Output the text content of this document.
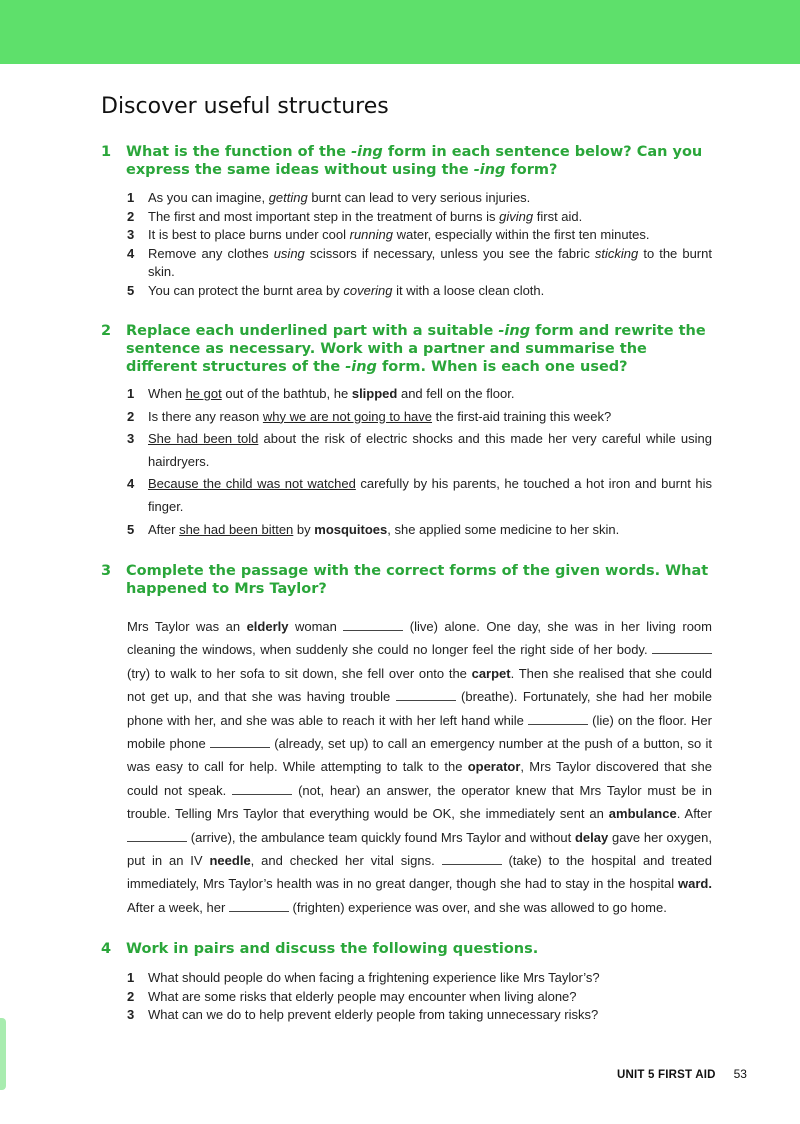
Discover useful structures
1 What is the function of the -ing form in each sentence below? Can you express the same ideas without using the -ing form?
1 As you can imagine, getting burnt can lead to very serious injuries.
2 The first and most important step in the treatment of burns is giving first aid.
3 It is best to place burns under cool running water, especially within the first ten minutes.
4 Remove any clothes using scissors if necessary, unless you see the fabric sticking to the burnt skin.
5 You can protect the burnt area by covering it with a loose clean cloth.
2 Replace each underlined part with a suitable -ing form and rewrite the sentence as necessary. Work with a partner and summarise the different structures of the -ing form. When is each one used?
1 When he got out of the bathtub, he slipped and fell on the floor.
2 Is there any reason why we are not going to have the first-aid training this week?
3 She had been told about the risk of electric shocks and this made her very careful while using hairdryers.
4 Because the child was not watched carefully by his parents, he touched a hot iron and burnt his finger.
5 After she had been bitten by mosquitoes, she applied some medicine to her skin.
3 Complete the passage with the correct forms of the given words. What happened to Mrs Taylor?
Mrs Taylor was an elderly woman	(live) alone. One day, she was in her living room cleaning the windows, when suddenly she could no longer feel the right side of her body.  (try) to walk to her sofa to sit down, she fell over onto the carpet. Then she realised that she could not get up, and that she was having trouble	(breathe). Fortunately, she had her mobile phone with her, and she was able to reach it with her left hand while	(lie) on the floor. Her mobile phone	(already, set up) to call an emergency number at the push of a button, so it was easy to call for help. While attempting to talk to the operator, Mrs Taylor discovered that she could not speak.	(not, hear) an answer, the operator knew that Mrs Taylor must be in trouble. Telling Mrs Taylor that everything would be OK, she immediately sent an ambulance. After  (arrive), the ambulance team quickly found Mrs Taylor and without delay gave her oxygen, put in an IV needle, and checked her vital signs.	(take) to the hospital and treated immediately, Mrs Taylor’s health was in no great danger, though she had to stay in the hospital ward. After a week, her	(frighten) experience was over, and she was allowed to go home.
4 Work in pairs and discuss the following questions.
1 What should people do when facing a frightening experience like Mrs Taylor’s?
2 What are some risks that elderly people may encounter when living alone?
3 What can we do to help prevent elderly people from taking unnecessary risks?
UNIT 5 FIRST AID 53
